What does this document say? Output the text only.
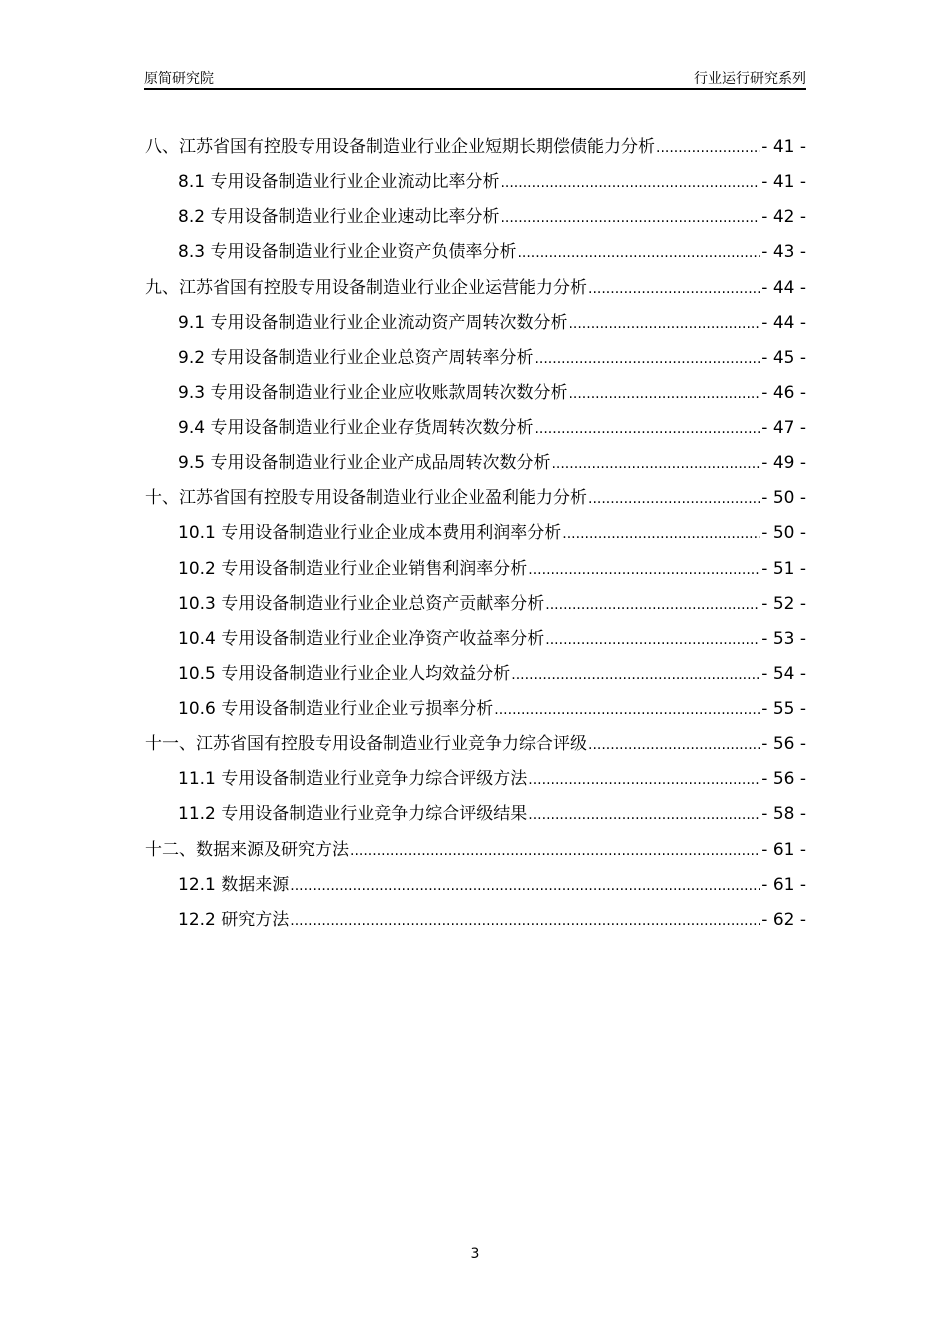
原简研究院	行业运行研究系列
八、江苏省国有控股专用设备制造业行业企业短期长期偿债能力分析 .....	- 41 -
8.1 专用设备制造业行业企业流动比率分析 .....	- 41 -
8.2 专用设备制造业行业企业速动比率分析 .....	- 42 -
8.3 专用设备制造业行业企业资产负债率分析 .....	- 43 -
九、江苏省国有控股专用设备制造业行业企业运营能力分析 .....	- 44 -
9.1 专用设备制造业行业企业流动资产周转次数分析 .....	- 44 -
9.2 专用设备制造业行业企业总资产周转率分析 .....	- 45 -
9.3 专用设备制造业行业企业应收账款周转次数分析 .....	- 46 -
9.4 专用设备制造业行业企业存货周转次数分析 .....	- 47 -
9.5 专用设备制造业行业企业产成品周转次数分析 .....	- 49 -
十、江苏省国有控股专用设备制造业行业企业盈利能力分析 .....	- 50 -
10.1 专用设备制造业行业企业成本费用利润率分析 .....	- 50 -
10.2 专用设备制造业行业企业销售利润率分析 .....	- 51 -
10.3 专用设备制造业行业企业总资产贡献率分析 .....	- 52 -
10.4 专用设备制造业行业企业净资产收益率分析 .....	- 53 -
10.5 专用设备制造业行业企业人均效益分析 .....	- 54 -
10.6 专用设备制造业行业企业亏损率分析 .....	- 55 -
十一、江苏省国有控股专用设备制造业行业竞争力综合评级 .....	- 56 -
11.1 专用设备制造业行业竞争力综合评级方法 .....	- 56 -
11.2 专用设备制造业行业竞争力综合评级结果 .....	- 58 -
十二、数据来源及研究方法 .....	- 61 -
12.1 数据来源 .....	- 61 -
12.2 研究方法 .....	- 62 -
3
